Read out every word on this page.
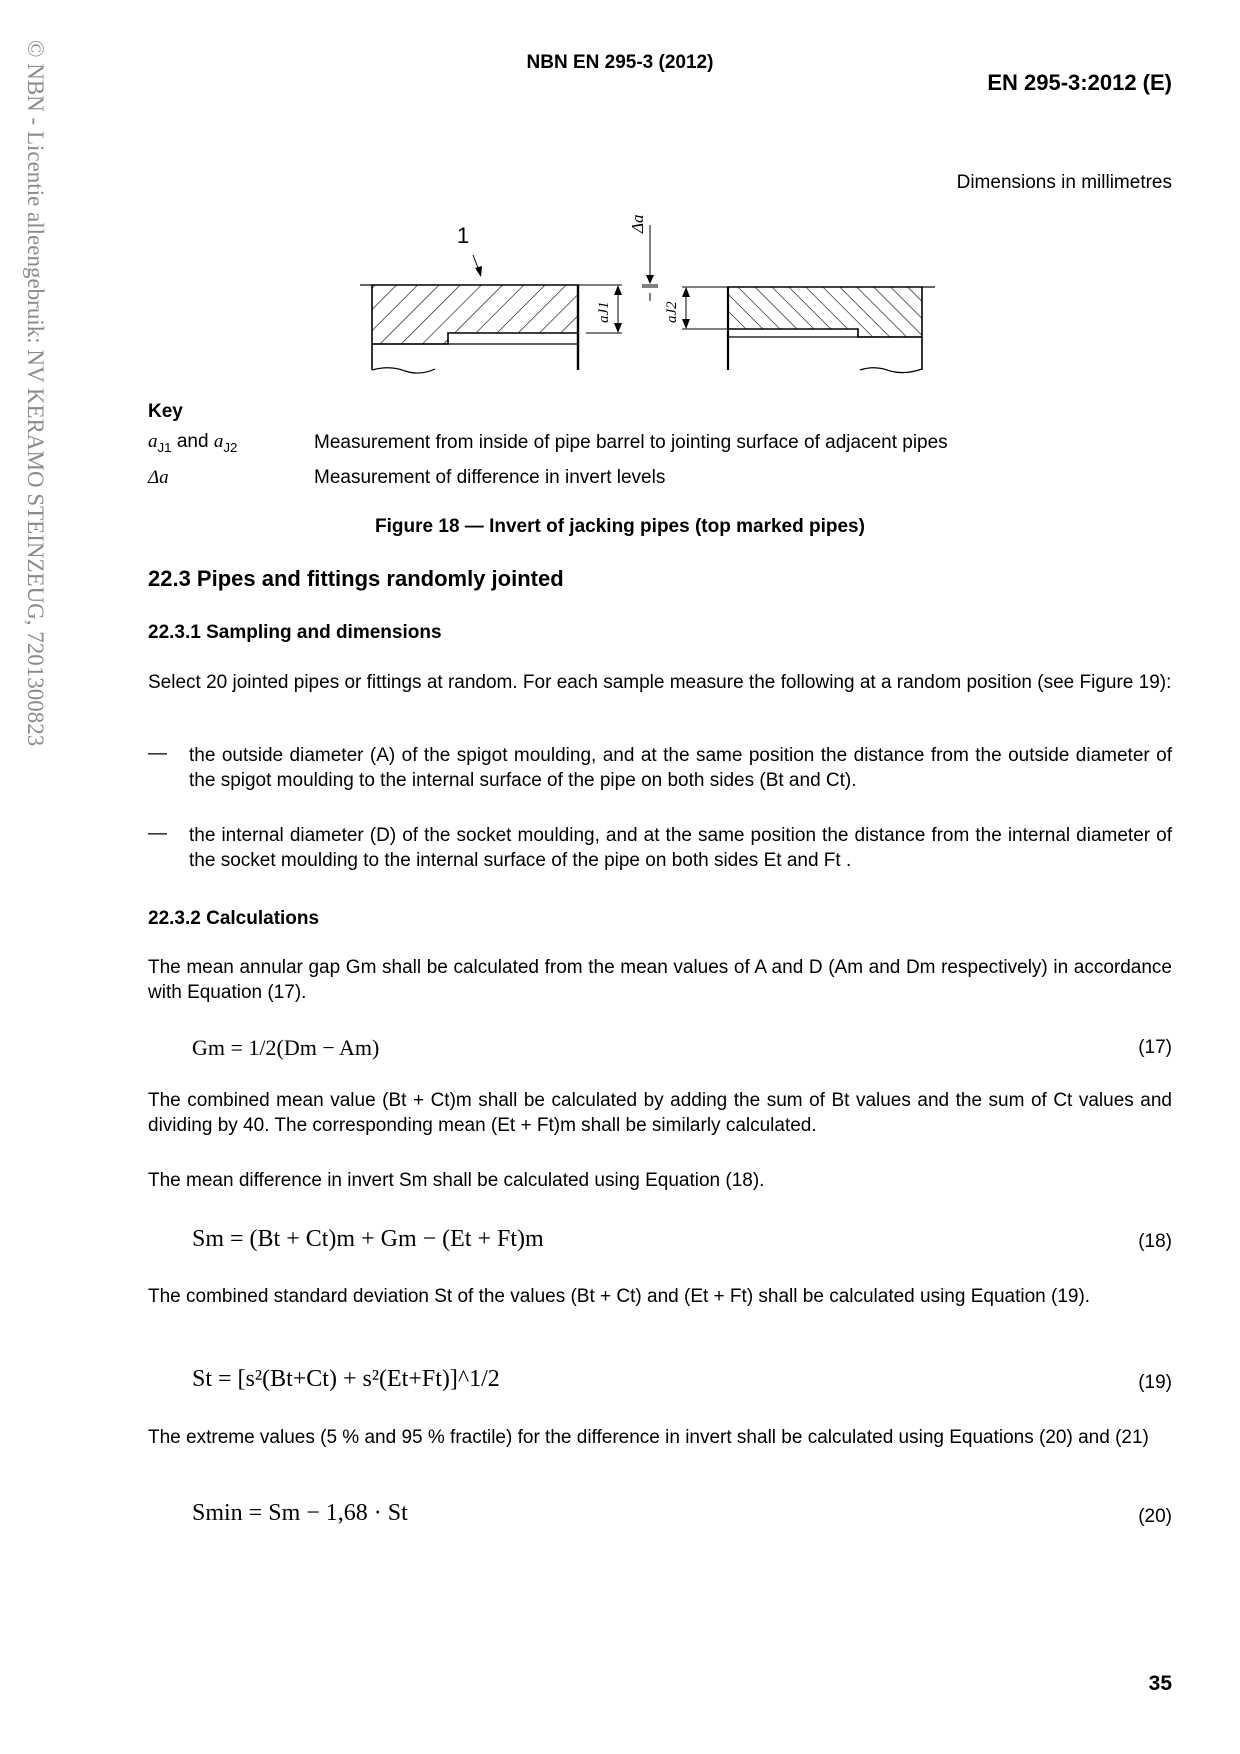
© NBN - Licentie alleengebruik: NV KERAMO STEINZEUG, 7201300823	NBN EN 295-3 (2012)
EN 295-3:2012 (E)
Dimensions in millimetres
1	Δa
aJ1	aJ2
Key
$a_{J1}$ and $a_{J2}$	Measurement from inside of pipe barrel to jointing surface of adjacent pipes
Δa	Measurement of difference in invert levels
Figure 18 — Invert of jacking pipes (top marked pipes)
22.3 Pipes and fittings randomly jointed
22.3.1 Sampling and dimensions
Select 20 jointed pipes or fittings at random. For each sample measure the following at a random position (see Figure 19):
— the outside diameter (A) of the spigot moulding, and at the same position the distance from the outside diameter of the spigot moulding to the internal surface of the pipe on both sides (Bt and Ct).
— the internal diameter (D) of the socket moulding, and at the same position the distance from the internal diameter of the socket moulding to the internal surface of the pipe on both sides Et and Ft .
22.3.2 Calculations
The mean annular gap Gm shall be calculated from the mean values of A and D (Am and Dm respectively) in accordance with Equation (17).
Gm = 1/2(Dm − Am)	(17)
The combined mean value (Bt + Ct)m shall be calculated by adding the sum of Bt values and the sum of Ct values and dividing by 40. The corresponding mean (Et + Ft)m shall be similarly calculated.
The mean difference in invert Sm shall be calculated using Equation (18).
Sm = (Bt + Ct)m + Gm − (Et + Ft)m	(18)
The combined standard deviation St of the values (Bt + Ct) and (Et + Ft) shall be calculated using Equation (19).
St = [s²(Bt+Ct) + s²(Et+Ft)]^1/2	(19)
The extreme values (5 % and 95 % fractile) for the difference in invert shall be calculated using Equations (20) and (21)
Smin = Sm − 1,68 · St	(20)
35
